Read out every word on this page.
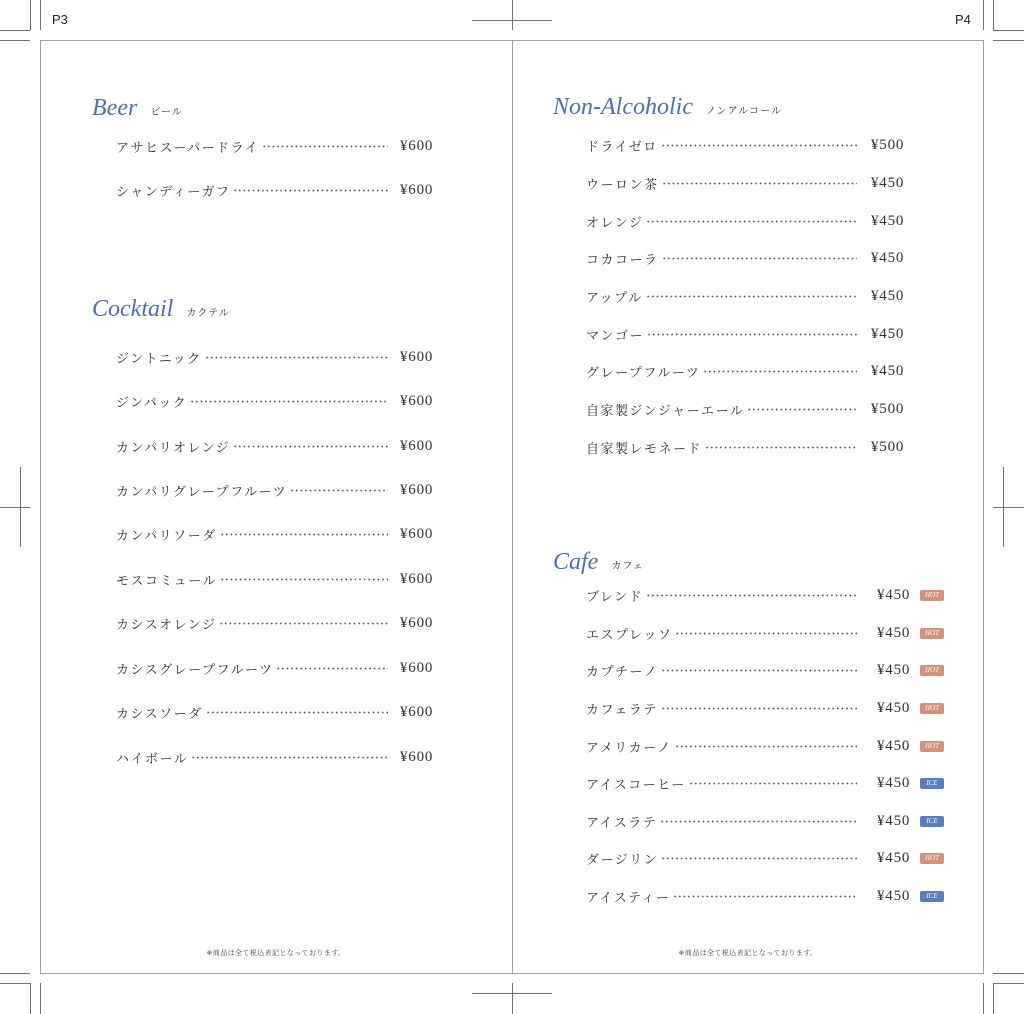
P3	P4
Beer ビール
アサヒスーパードライ	¥600
シャンディーガフ	¥600
Cocktail カクテル
ジントニック	¥600
ジンバック	¥600
カンパリオレンジ	¥600
カンパリグレープフルーツ	¥600
カンパリソーダ	¥600
モスコミュール	¥600
カシスオレンジ	¥600
カシスグレープフルーツ	¥600
カシスソーダ	¥600
ハイボール	¥600
※商品は全て税込表記となっております。
Non-Alcoholic ノンアルコール
ドライゼロ	¥500
ウーロン茶	¥450
オレンジ	¥450
コカコーラ	¥450
アップル	¥450
マンゴー	¥450
グレープフルーツ	¥450
自家製ジンジャーエール	¥500
自家製レモネード	¥500
Cafe カフェ
ブレンド	¥450	HOT
エスプレッソ	¥450	HOT
カプチーノ	¥450	HOT
カフェラテ	¥450	HOT
アメリカーノ	¥450	HOT
アイスコーヒー	¥450	ICE
アイスラテ	¥450	ICE
ダージリン	¥450	HOT
アイスティー	¥450	ICE
※商品は全て税込表記となっております。
